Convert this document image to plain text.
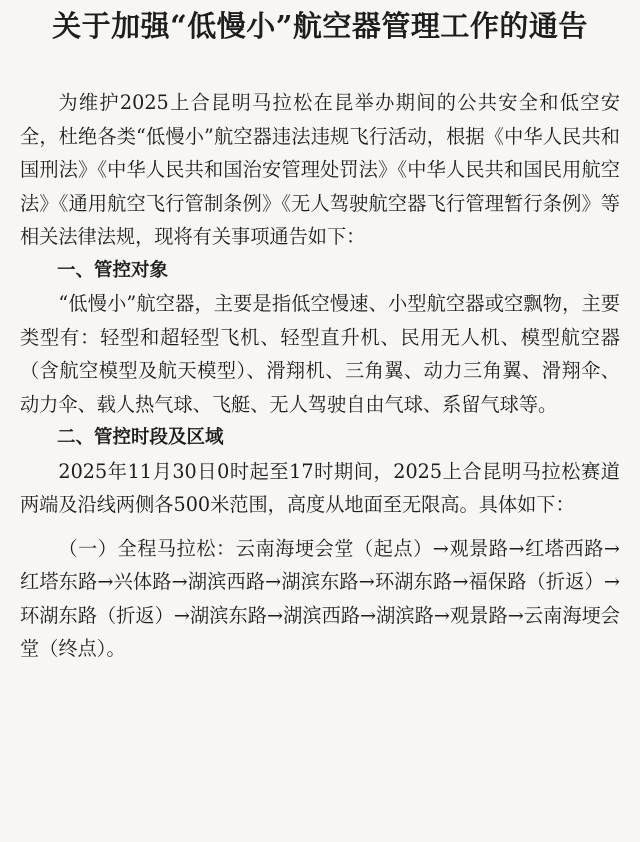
关于加强“低慢小”航空器管理工作的通告

为维护2025上合昆明马拉松在昆举办期间的公共安全和低空安全，杜绝各类“低慢小”航空器违法违规飞行活动，根据《中华人民共和国刑法》《中华人民共和国治安管理处罚法》《中华人民共和国民用航空法》《通用航空飞行管制条例》《无人驾驶航空器飞行管理暂行条例》等相关法律法规，现将有关事项通告如下：

一、管控对象

“低慢小”航空器，主要是指低空慢速、小型航空器或空飘物，主要类型有：轻型和超轻型飞机、轻型直升机、民用无人机、模型航空器（含航空模型及航天模型）、滑翔机、三角翼、动力三角翼、滑翔伞、动力伞、载人热气球、飞艇、无人驾驶自由气球、系留气球等。

二、管控时段及区域

2025年11月30日0时起至17时期间，2025上合昆明马拉松赛道两端及沿线两侧各500米范围，高度从地面至无限高。具体如下：

（一）全程马拉松：云南海埂会堂（起点）→观景路→红塔西路→红塔东路→兴体路→湖滨西路→湖滨东路→环湖东路→福保路（折返）→环湖东路（折返）→湖滨东路→湖滨西路→湖滨路→观景路→云南海埂会堂（终点）。
